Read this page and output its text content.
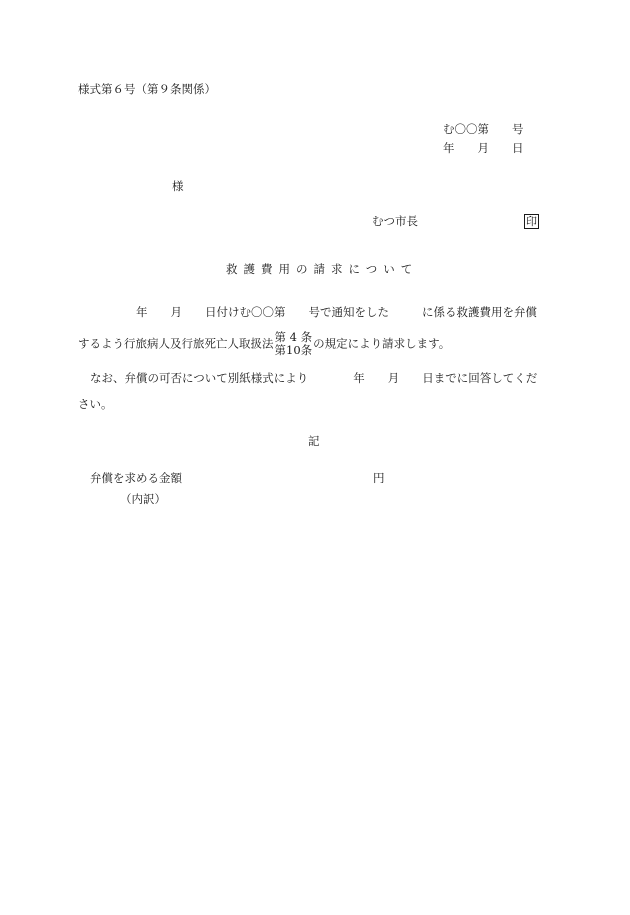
様式第６号（第９条関係）
む〇〇第　　号
年　　月　　日
様
むつ市長	印
救護費用の請求について
年 月 日付けむ〇〇第 号で通知をした	に係る救護費用を弁償
するよう行旅病人及行旅死亡人取扱法 第 4 条
第10条 の規定により請求します。
なお、弁償の可否について別紙様式により	年 月 日までに回答してくだ
さい。
記
弁償を求める金額	円
（内訳）
